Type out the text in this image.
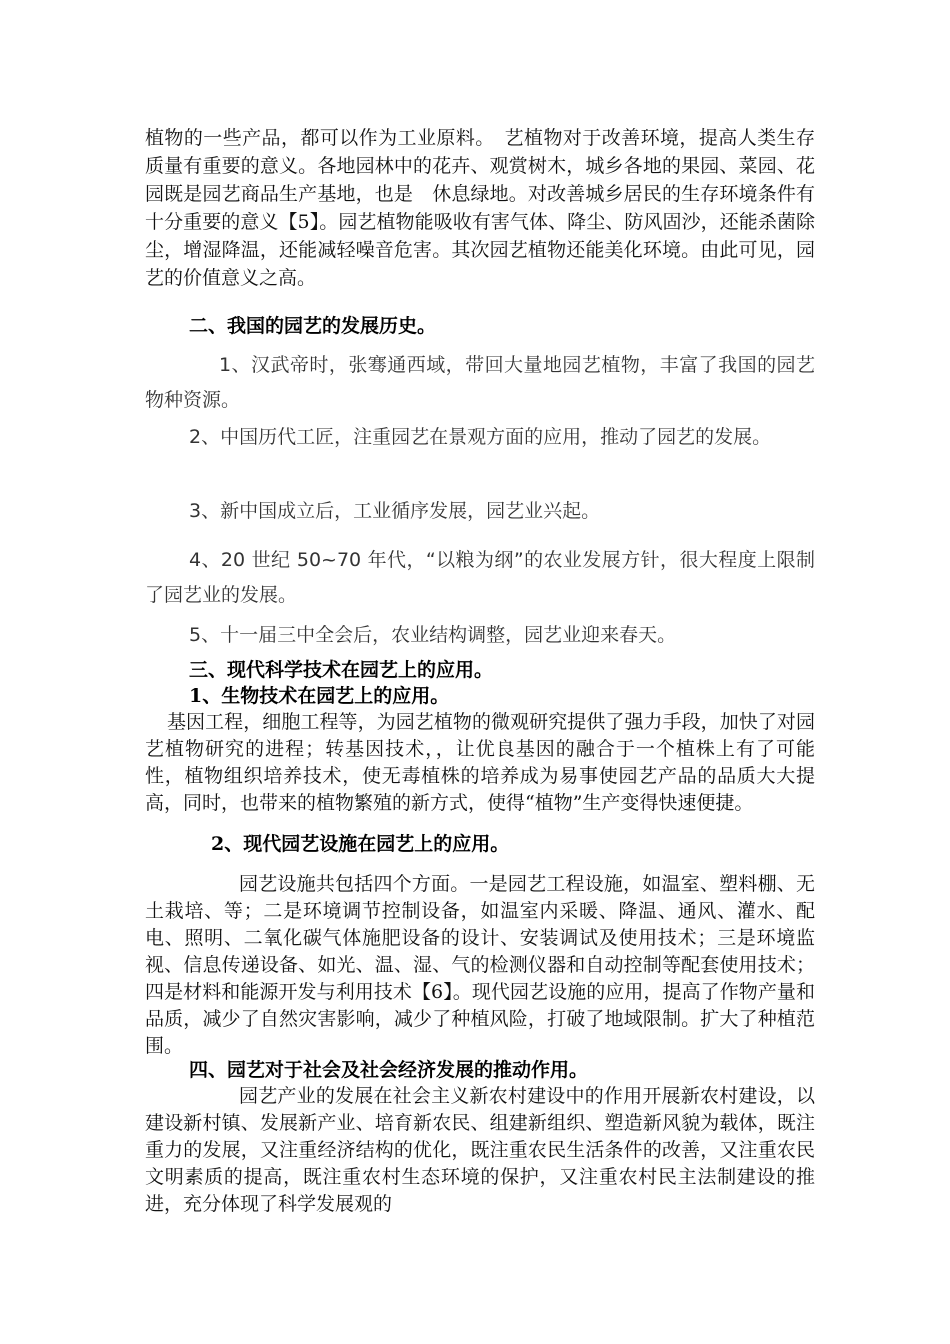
植物的一些产品，都可以作为工业原料。　艺植物对于改善环境，提高人类生存质量有重要的意义。各地园林中的花卉、观赏树木，城乡各地的果园、菜园、花园既是园艺商品生产基地，也是　休息绿地。对改善城乡居民的生存环境条件有十分重要的意义【5】。园艺植物能吸收有害气体、降尘、防风固沙，还能杀菌除尘，增湿降温，还能减轻噪音危害。其次园艺植物还能美化环境。由此可见，园艺的价值意义之高。

二、我国的园艺的发展历史。

1、汉武帝时，张骞通西域，带回大量地园艺植物，丰富了我国的园艺物种资源。

2、中国历代工匠，注重园艺在景观方面的应用，推动了园艺的发展。

3、新中国成立后，工业循序发展，园艺业兴起。

4、20 世纪 50~70 年代，“以粮为纲”的农业发展方针，很大程度上限制了园艺业的发展。

5、十一届三中全会后，农业结构调整，园艺业迎来春天。

三、现代科学技术在园艺上的应用。

1、生物技术在园艺上的应用。

基因工程，细胞工程等，为园艺植物的微观研究提供了强力手段，加快了对园艺植物研究的进程；转基因技术，，让优良基因的融合于一个植株上有了可能性，植物组织培养技术，使无毒植株的培养成为易事使园艺产品的品质大大提高，同时，也带来的植物繁殖的新方式，使得“植物”生产变得快速便捷。

2、现代园艺设施在园艺上的应用。

园艺设施共包括四个方面。一是园艺工程设施，如温室、塑料棚、无土栽培、等；二是环境调节控制设备，如温室内采暖、降温、通风、灌水、配电、照明、二氧化碳气体施肥设备的设计、安装调试及使用技术；三是环境监视、信息传递设备、如光、温、湿、气的检测仪器和自动控制等配套使用技术；四是材料和能源开发与利用技术【6】。现代园艺设施的应用，提高了作物产量和品质，减少了自然灾害影响，减少了种植风险，打破了地域限制。扩大了种植范围。

四、园艺对于社会及社会经济发展的推动作用。

园艺产业的发展在社会主义新农村建设中的作用开展新农村建设，以建设新村镇、发展新产业、培育新农民、组建新组织、塑造新风貌为载体，既注重力的发展，又注重经济结构的优化，既注重农民生活条件的改善，又注重农民文明素质的提高，既注重农村生态环境的保护，又注重农村民主法制建设的推进，充分体现了科学发展观的
